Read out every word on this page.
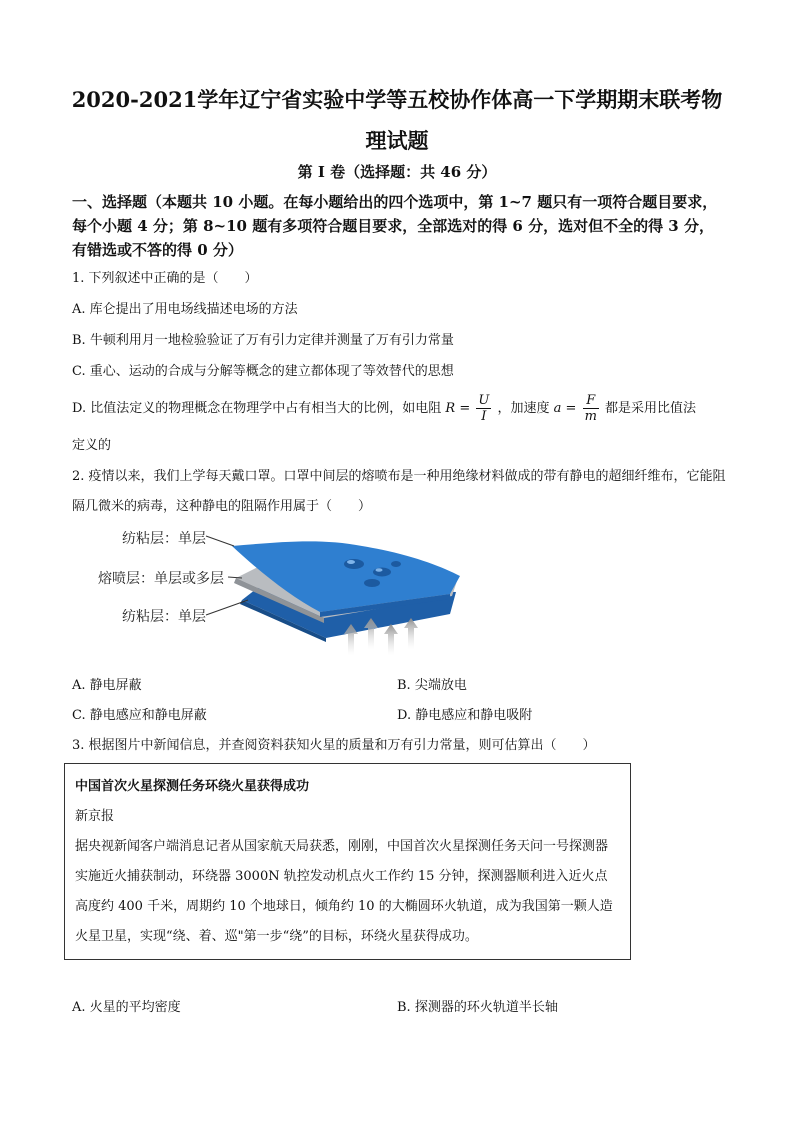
2020-2021学年辽宁省实验中学等五校协作体高一下学期期末联考物
理试题
第 I 卷（选择题：共 46 分）
一、选择题（本题共 10 小题。在每小题给出的四个选项中，第 1~7 题只有一项符合题目要求，每个小题 4 分；第 8~10 题有多项符合题目要求，全部选对的得 6 分，选对但不全的得 3 分，有错选或不答的得 0 分）
1. 下列叙述中正确的是（　　）
A. 库仑提出了用电场线描述电场的方法
B. 牛顿利用月一地检验验证了万有引力定律并测量了万有引力常量
C. 重心、运动的合成与分解等概念的建立都体现了等效替代的思想
D. 比值法定义的物理概念在物理学中占有相当大的比例，如电阻 $R = \frac{U}{I}$ ，加速度 $a = \frac{F}{m}$ 都是采用比值法
定义的
2. 疫情以来，我们上学每天戴口罩。口罩中间层的熔喷布是一种用绝缘材料做成的带有静电的超细纤维布，它能阻隔几微米的病毒，这种静电的阻隔作用属于（　　）
纺粘层：单层
熔喷层：单层或多层
纺粘层：单层
A. 静电屏蔽	B. 尖端放电
C. 静电感应和静电屏蔽	D. 静电感应和静电吸附
3. 根据图片中新闻信息，并查阅资料获知火星的质量和万有引力常量，则可估算出（　　）
中国首次火星探测任务环绕火星获得成功
新京报
据央视新闻客户端消息记者从国家航天局获悉，刚刚，中国首次火星探测任务天问一号探测器实施近火捕获制动，环绕器 3000N 轨控发动机点火工作约 15 分钟，探测器顺利进入近火点高度约 400 千米，周期约 10 个地球日，倾角约 10 的大椭圆环火轨道，成为我国第一颗人造火星卫星，实现“绕、着、巡"第一步“绕”的目标，环绕火星获得成功。
A. 火星的平均密度	B. 探测器的环火轨道半长轴
